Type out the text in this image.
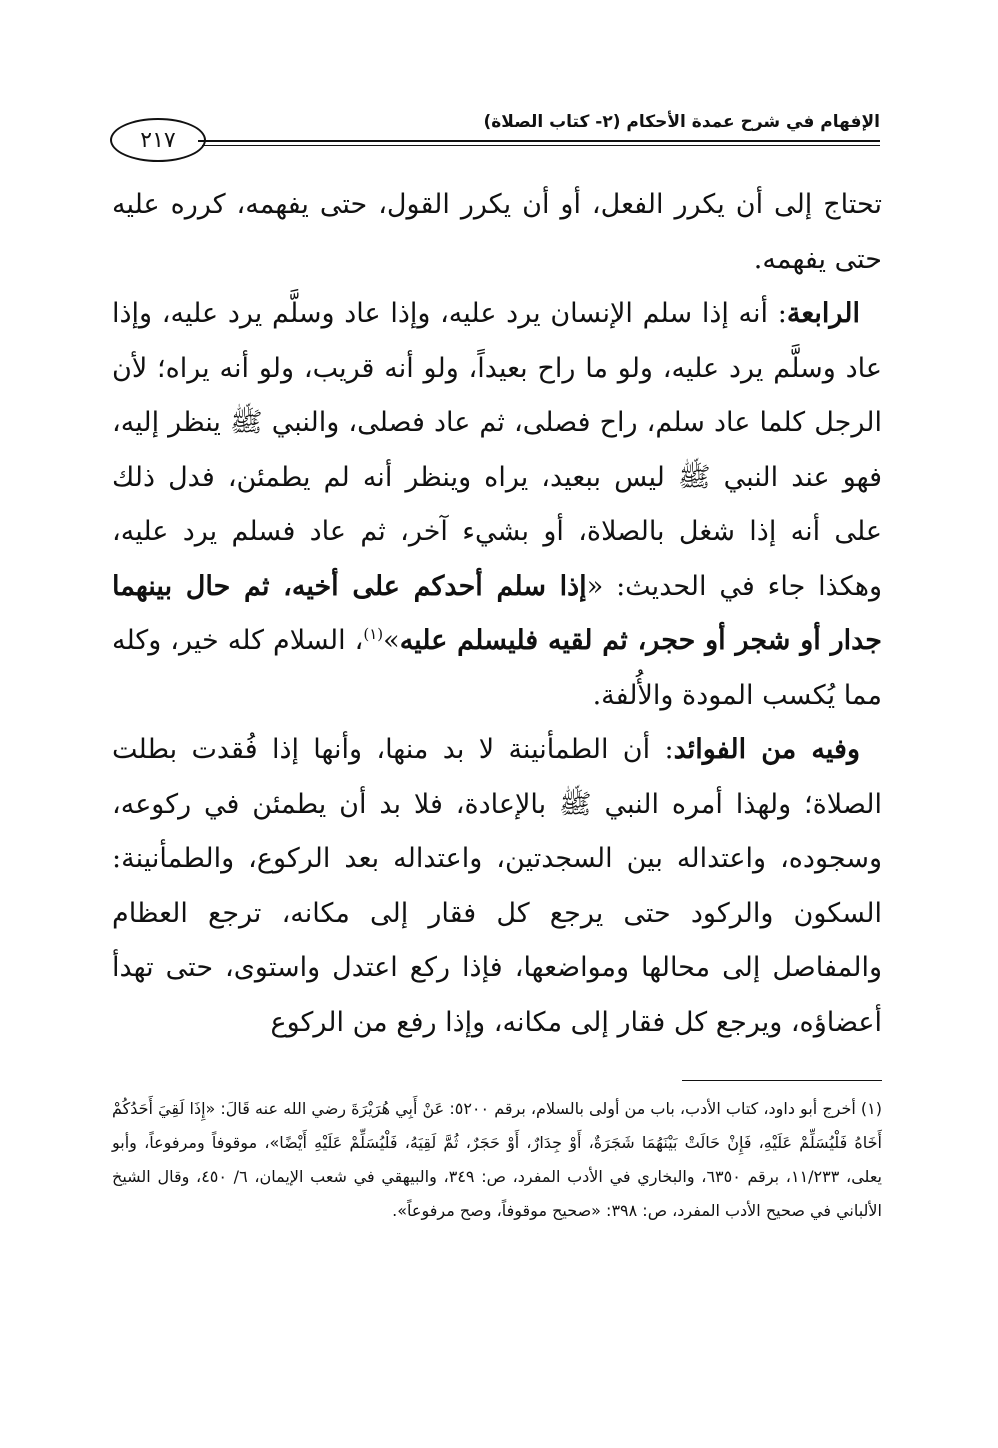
٢١٧
الإفهام في شرح عمدة الأحكام (٢- كتاب الصلاة)

تحتاج إلى أن يكرر الفعل، أو أن يكرر القول، حتى يفهمه، كرره عليه حتى يفهمه.

الرابعة: أنه إذا سلم الإنسان يرد عليه، وإذا عاد وسلَّم يرد عليه، وإذا عاد وسلَّم يرد عليه، ولو ما راح بعيداً، ولو أنه قريب، ولو أنه يراه؛ لأن الرجل كلما عاد سلم، راح فصلى، ثم عاد فصلى، والنبي ﷺ ينظر إليه، فهو عند النبي ﷺ ليس ببعيد، يراه وينظر أنه لم يطمئن، فدل ذلك على أنه إذا شغل بالصلاة، أو بشيء آخر، ثم عاد فسلم يرد عليه، وهكذا جاء في الحديث: «إذا سلم أحدكم على أخيه، ثم حال بينهما جدار أو شجر أو حجر، ثم لقيه فليسلم عليه»$^{(١)}$، السلام كله خير، وكله مما يُكسب المودة والأُلفة.

وفيه من الفوائد: أن الطمأنينة لا بد منها، وأنها إذا فُقدت بطلت الصلاة؛ ولهذا أمره النبي ﷺ بالإعادة، فلا بد أن يطمئن في ركوعه، وسجوده، واعتداله بين السجدتين، واعتداله بعد الركوع، والطمأنينة: السكون والركود حتى يرجع كل فقار إلى مكانه، ترجع العظام والمفاصل إلى محالها ومواضعها، فإذا ركع اعتدل واستوى، حتى تهدأ أعضاؤه، ويرجع كل فقار إلى مكانه، وإذا رفع من الركوع

(١) أخرج أبو داود، كتاب الأدب، باب من أولى بالسلام، برقم ٥٢٠٠: عَنْ أَبِي هُرَيْرَةَ رضي الله عنه قَالَ: «إِذَا لَقِيَ أَحَدُكُمْ أَخَاهُ فَلْيُسَلِّمْ عَلَيْهِ، فَإِنْ حَالَتْ بَيْنَهُمَا شَجَرَةٌ، أَوْ جِدَارٌ، أَوْ حَجَرٌ، ثُمَّ لَقِيَهُ، فَلْيُسَلِّمْ عَلَيْهِ أَيْضًا»، موقوفاً ومرفوعاً، وأبو يعلى، ١١/٢٣٣، برقم ٦٣٥٠، والبخاري في الأدب المفرد، ص: ٣٤٩، والبيهقي في شعب الإيمان، ٦/ ٤٥٠، وقال الشيخ الألباني في صحيح الأدب المفرد، ص: ٣٩٨: «صحيح موقوفاً، وصح مرفوعاً».
